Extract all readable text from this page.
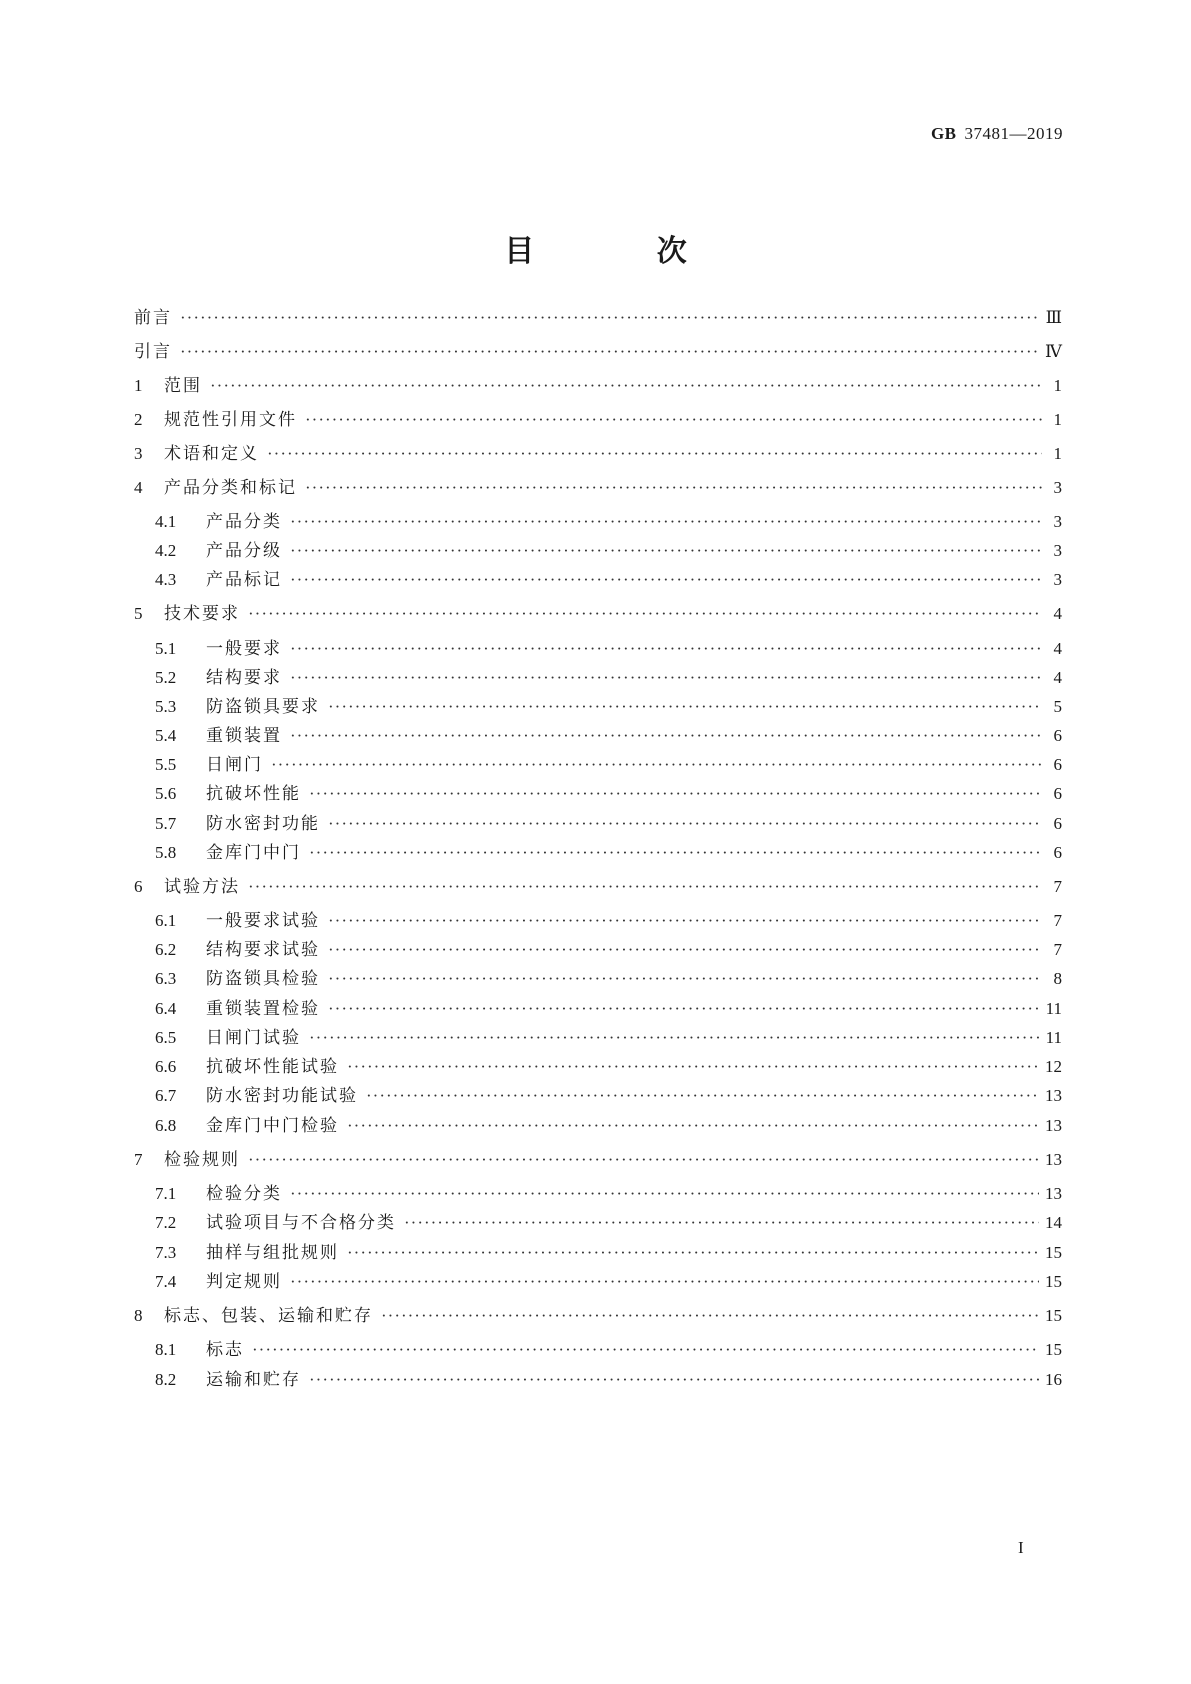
GB 37481—2019
目 次
前言 ·····	Ⅲ
引言 ·····	Ⅳ
1	范围 ·····	1
2	规范性引用文件 ·····	1
3	术语和定义 ·····	1
4	产品分类和标记 ·····	3
4.1	产品分类 ·····	3
4.2	产品分级 ·····	3
4.3	产品标记 ·····	3
5	技术要求 ·····	4
5.1	一般要求 ·····	4
5.2	结构要求 ·····	4
5.3	防盗锁具要求 ·····	5
5.4	重锁装置 ·····	6
5.5	日闸门 ·····	6
5.6	抗破坏性能 ·····	6
5.7	防水密封功能 ·····	6
5.8	金库门中门 ·····	6
6	试验方法 ·····	7
6.1	一般要求试验 ·····	7
6.2	结构要求试验 ·····	7
6.3	防盗锁具检验 ·····	8
6.4	重锁装置检验 ·····	11
6.5	日闸门试验 ·····	11
6.6	抗破坏性能试验 ·····	12
6.7	防水密封功能试验 ·····	13
6.8	金库门中门检验 ·····	13
7	检验规则 ·····	13
7.1	检验分类 ·····	13
7.2	试验项目与不合格分类 ·····	14
7.3	抽样与组批规则 ·····	15
7.4	判定规则 ·····	15
8	标志、包装、运输和贮存 ·····	15
8.1	标志 ·····	15
8.2	运输和贮存 ·····	16
I
